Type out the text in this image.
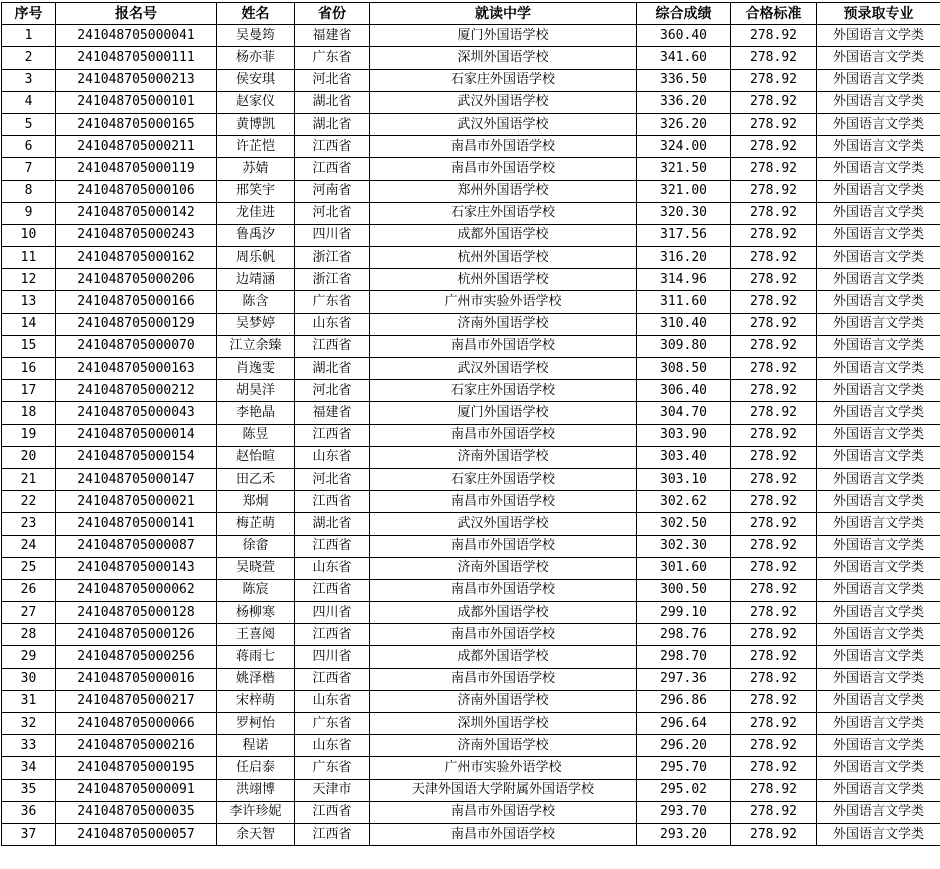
序号	报名号	姓名	省份	就读中学	综合成绩	合格标准	预录取专业
1	241048705000041	吴曼筠	福建省	厦门外国语学校	360.40	278.92	外国语言文学类
2	241048705000111	杨亦菲	广东省	深圳外国语学校	341.60	278.92	外国语言文学类
3	241048705000213	侯安琪	河北省	石家庄外国语学校	336.50	278.92	外国语言文学类
4	241048705000101	赵家仪	湖北省	武汉外国语学校	336.20	278.92	外国语言文学类
5	241048705000165	黄博凯	湖北省	武汉外国语学校	326.20	278.92	外国语言文学类
6	241048705000211	许芷恺	江西省	南昌市外国语学校	324.00	278.92	外国语言文学类
7	241048705000119	苏婧	江西省	南昌市外国语学校	321.50	278.92	外国语言文学类
8	241048705000106	邢笑宇	河南省	郑州外国语学校	321.00	278.92	外国语言文学类
9	241048705000142	龙佳进	河北省	石家庄外国语学校	320.30	278.92	外国语言文学类
10	241048705000243	鲁禹汐	四川省	成都外国语学校	317.56	278.92	外国语言文学类
11	241048705000162	周乐帆	浙江省	杭州外国语学校	316.20	278.92	外国语言文学类
12	241048705000206	边靖涵	浙江省	杭州外国语学校	314.96	278.92	外国语言文学类
13	241048705000166	陈含	广东省	广州市实验外语学校	311.60	278.92	外国语言文学类
14	241048705000129	吴梦婷	山东省	济南外国语学校	310.40	278.92	外国语言文学类
15	241048705000070	江立余臻	江西省	南昌市外国语学校	309.80	278.92	外国语言文学类
16	241048705000163	肖逸雯	湖北省	武汉外国语学校	308.50	278.92	外国语言文学类
17	241048705000212	胡昊洋	河北省	石家庄外国语学校	306.40	278.92	外国语言文学类
18	241048705000043	李艳晶	福建省	厦门外国语学校	304.70	278.92	外国语言文学类
19	241048705000014	陈昱	江西省	南昌市外国语学校	303.90	278.92	外国语言文学类
20	241048705000154	赵怡暄	山东省	济南外国语学校	303.40	278.92	外国语言文学类
21	241048705000147	田乙禾	河北省	石家庄外国语学校	303.10	278.92	外国语言文学类
22	241048705000021	郑炯	江西省	南昌市外国语学校	302.62	278.92	外国语言文学类
23	241048705000141	梅芷萌	湖北省	武汉外国语学校	302.50	278.92	外国语言文学类
24	241048705000087	徐畲	江西省	南昌市外国语学校	302.30	278.92	外国语言文学类
25	241048705000143	吴晓萱	山东省	济南外国语学校	301.60	278.92	外国语言文学类
26	241048705000062	陈宸	江西省	南昌市外国语学校	300.50	278.92	外国语言文学类
27	241048705000128	杨柳寒	四川省	成都外国语学校	299.10	278.92	外国语言文学类
28	241048705000126	王喜阅	江西省	南昌市外国语学校	298.76	278.92	外国语言文学类
29	241048705000256	蒋雨七	四川省	成都外国语学校	298.70	278.92	外国语言文学类
30	241048705000016	姚泽楷	江西省	南昌市外国语学校	297.36	278.92	外国语言文学类
31	241048705000217	宋梓萌	山东省	济南外国语学校	296.86	278.92	外国语言文学类
32	241048705000066	罗柯怡	广东省	深圳外国语学校	296.64	278.92	外国语言文学类
33	241048705000216	程诺	山东省	济南外国语学校	296.20	278.92	外国语言文学类
34	241048705000195	任启泰	广东省	广州市实验外语学校	295.70	278.92	外国语言文学类
35	241048705000091	洪翊博	天津市	天津外国语大学附属外国语学校	295.02	278.92	外国语言文学类
36	241048705000035	李许珍妮	江西省	南昌市外国语学校	293.70	278.92	外国语言文学类
37	241048705000057	余天智	江西省	南昌市外国语学校	293.20	278.92	外国语言文学类
